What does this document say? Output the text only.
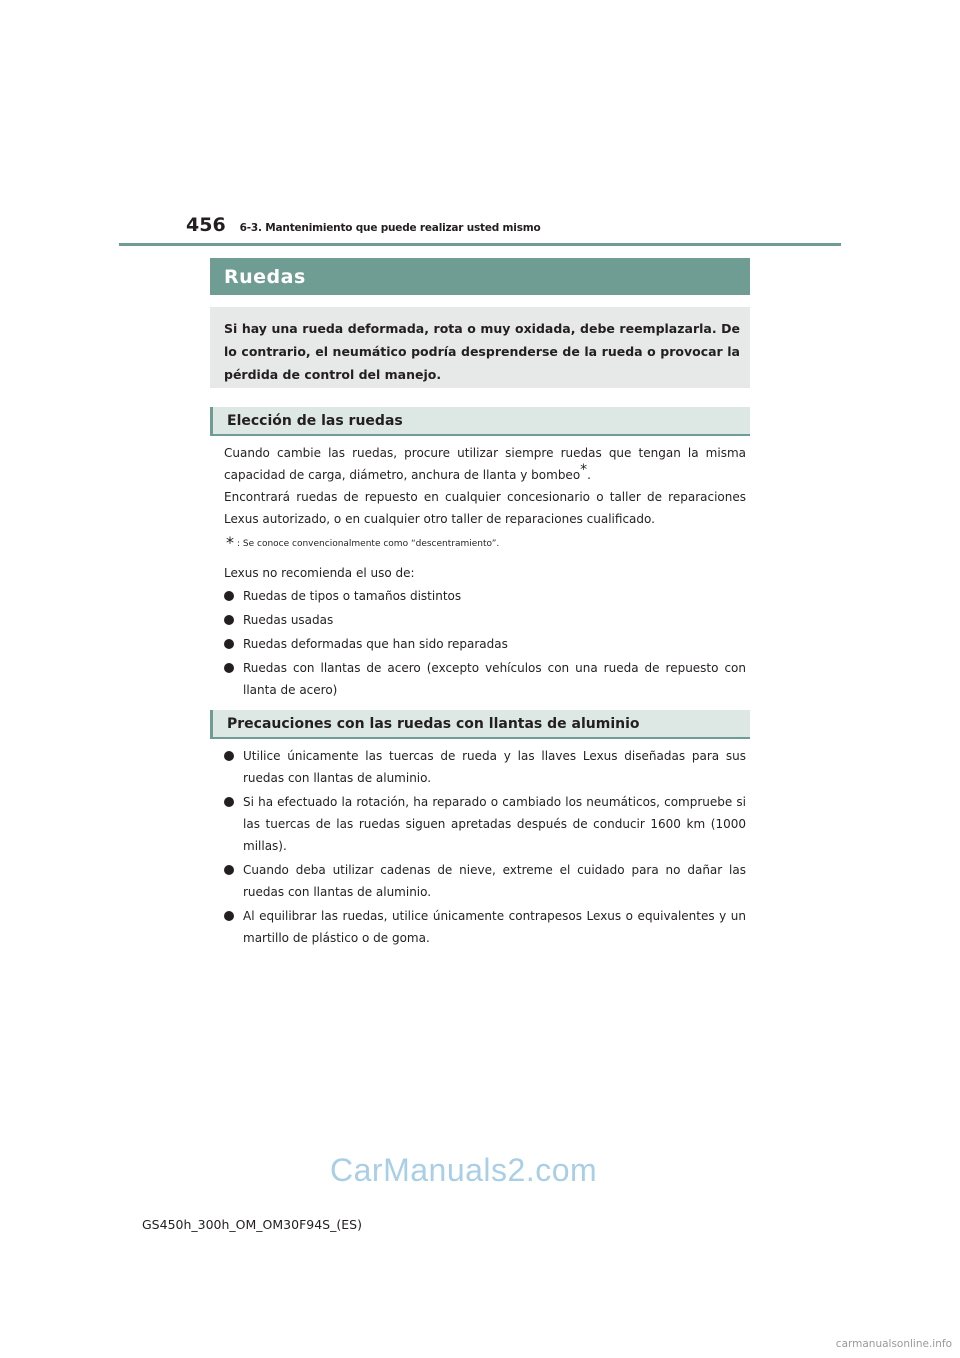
456 6-3. Mantenimiento que puede realizar usted mismo
Ruedas
Si hay una rueda deformada, rota o muy oxidada, debe reemplazarla. De lo contrario, el neumático podría desprenderse de la rueda o provocar la pérdida de control del manejo.
Elección de las ruedas
Cuando cambie las ruedas, procure utilizar siempre ruedas que tengan la misma capacidad de carga, diámetro, anchura de llanta y bombeo*.
Encontrará ruedas de repuesto en cualquier concesionario o taller de reparaciones Lexus autorizado, o en cualquier otro taller de reparaciones cualificado.
* : Se conoce convencionalmente como “descentramiento”.
Lexus no recomienda el uso de:
Ruedas de tipos o tamaños distintos
Ruedas usadas
Ruedas deformadas que han sido reparadas
Ruedas con llantas de acero (excepto vehículos con una rueda de repuesto con llanta de acero)
Precauciones con las ruedas con llantas de aluminio
Utilice únicamente las tuercas de rueda y las llaves Lexus diseñadas para sus ruedas con llantas de aluminio.
Si ha efectuado la rotación, ha reparado o cambiado los neumáticos, compruebe si las tuercas de las ruedas siguen apretadas después de conducir 1600 km (1000 millas).
Cuando deba utilizar cadenas de nieve, extreme el cuidado para no dañar las ruedas con llantas de aluminio.
Al equilibrar las ruedas, utilice únicamente contrapesos Lexus o equivalentes y un martillo de plástico o de goma.
CarManuals2.com
GS450h_300h_OM_OM30F94S_(ES)
carmanualsonline.info
